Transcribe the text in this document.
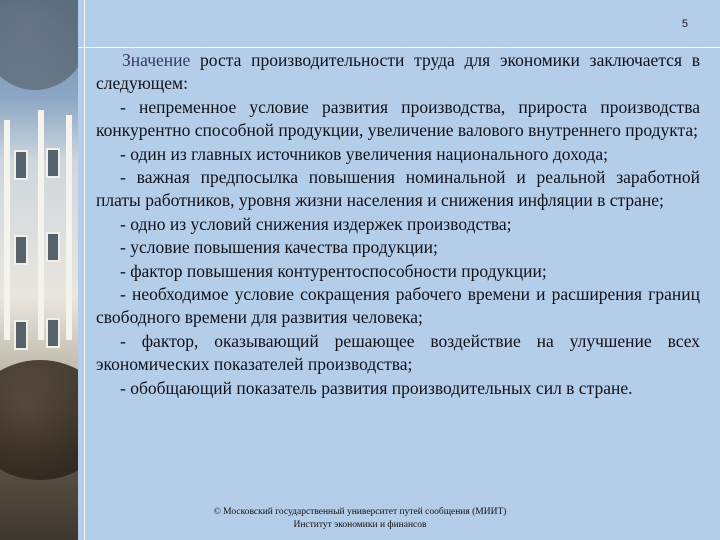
5

Значение роста производительности труда для экономики заключается в следующем:

- непременное условие развития производства, прироста производства конкурентно способной продукции, увеличение валового внутреннего продукта;

- один из главных источников увеличения национального дохода;

- важная предпосылка повышения номинальной и реальной заработной платы работников, уровня жизни населения и снижения инфляции в стране;

- одно из условий снижения издержек производства;

- условие повышения качества продукции;

- фактор повышения контурентоспособности продукции;

- необходимое условие сокращения рабочего времени и расширения границ свободного времени для развития человека;

- фактор, оказывающий решающее воздействие на улучшение всех экономических показателей производства;

- обобщающий показатель развития производительных сил в стране.

© Московский государственный университет путей сообщения (МИИТ)
Институт экономики и финансов
